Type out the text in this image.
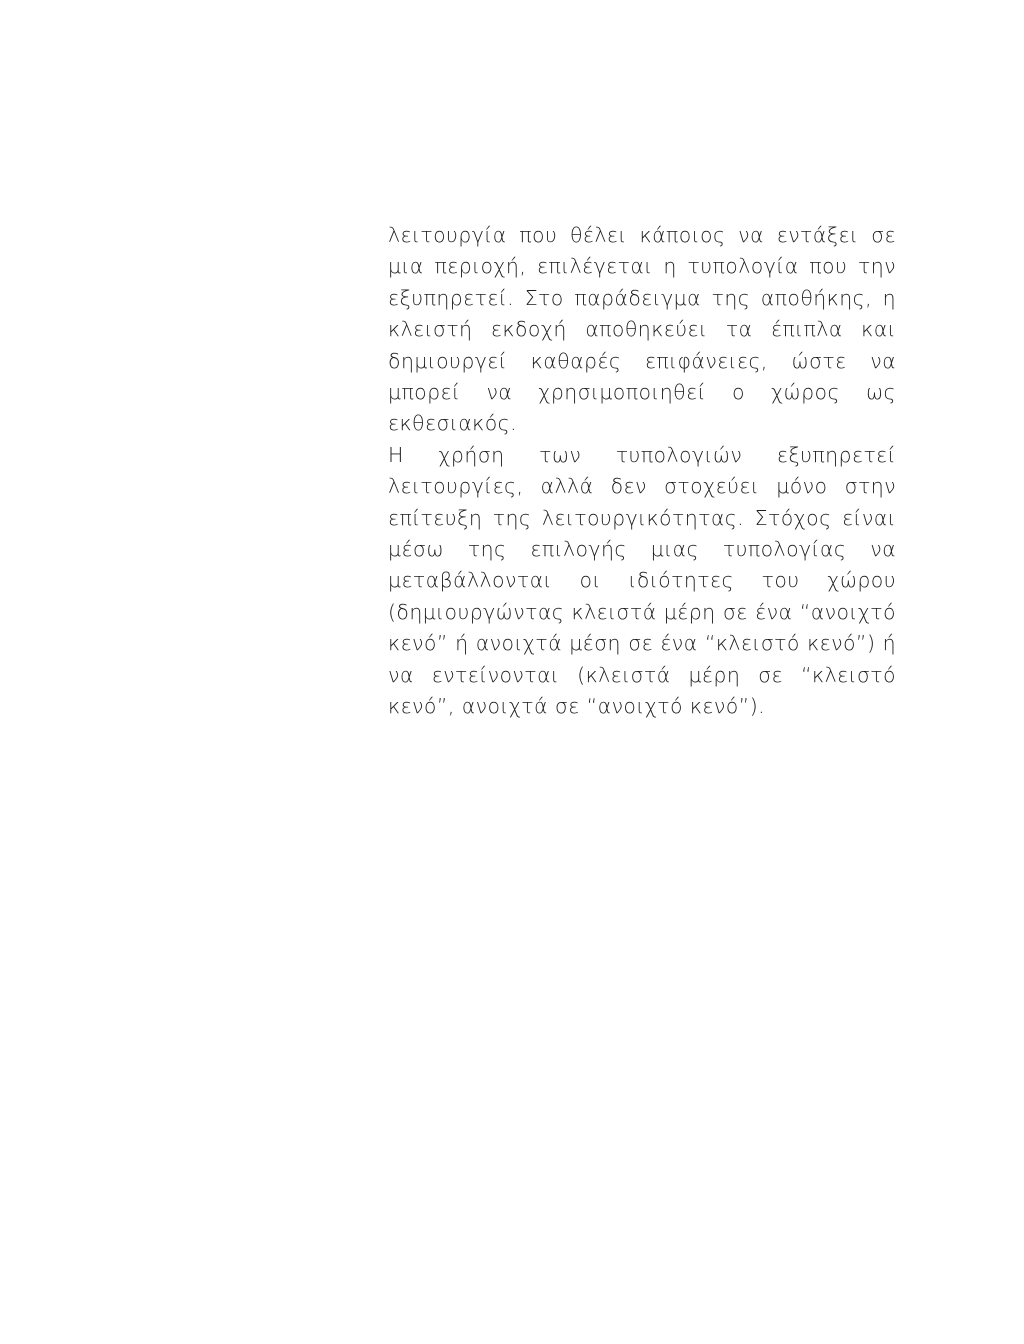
λειτουργία που θέλει κάποιος να εντάξει σε μια περιοχή, επιλέγεται η τυπολογία που την εξυπηρετεί. Στο παράδειγμα της αποθήκης, η κλειστή εκδοχή αποθηκεύει τα έπιπλα και δημιουργεί καθαρές επιφάνειες, ώστε να μπορεί να χρησιμοποιηθεί ο χώρος ως εκθεσιακός.

Η χρήση των τυπολογιών εξυπηρετεί λειτουργίες, αλλά δεν στοχεύει μόνο στην επίτευξη της λειτουργικότητας. Στόχος είναι μέσω της επιλογής μιας τυπολογίας να μεταβάλλονται οι ιδιότητες του χώρου (δημιουργώντας κλειστά μέρη σε ένα “ανοιχτό κενό” ή ανοιχτά μέση σε ένα “κλειστό κενό”) ή να εντείνονται (κλειστά μέρη σε “κλειστό κενό”, ανοιχτά σε “ανοιχτό κενό”).
